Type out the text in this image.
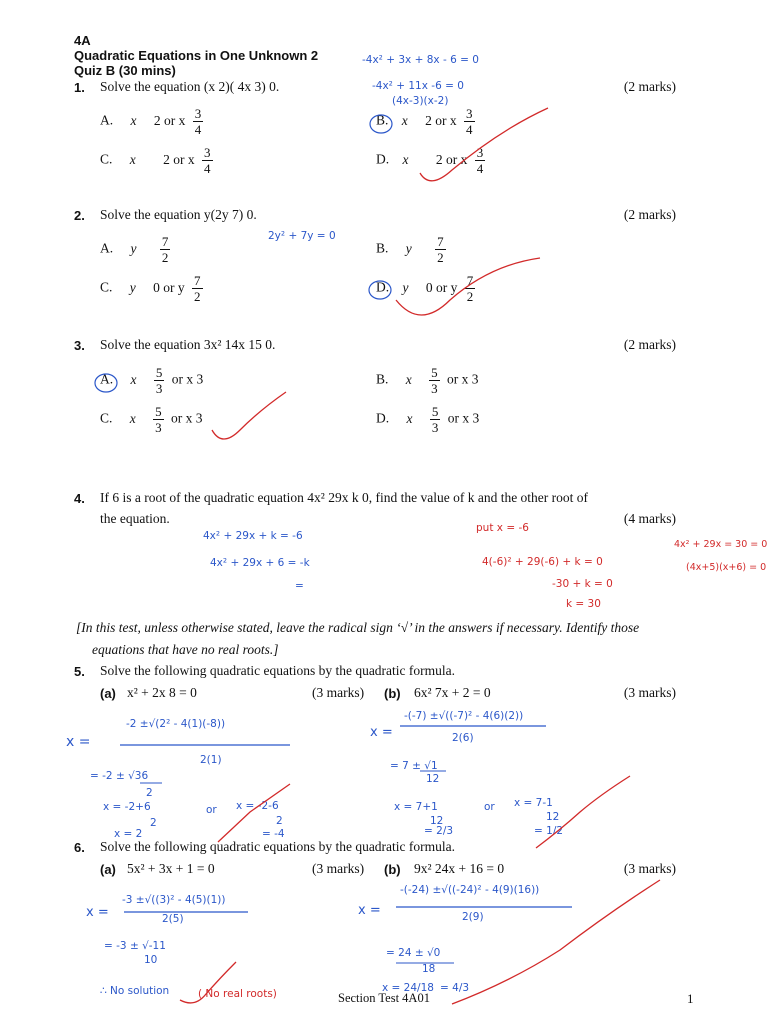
4A
Quadratic Equations in One Unknown 2
Quiz B (30 mins)
1. Solve the equation (x 2)( 4x 3) 0.	(2 marks)
A. x 2 or x $\frac{3}{4}$	B. x 2 or x $\frac{3}{4}$
C. x 2 or x $\frac{3}{4}$	D. x 2 or x $\frac{3}{4}$
-4x² + 3x + 8x - 6 = 0
-4x² + 11x -6 = 0
(4x-3)(x-2)
2. Solve the equation y(2y 7) 0.	(2 marks)
2y² + 7y = 0
A. y $\frac{7}{2}$	B. y $\frac{7}{2}$
C. y 0 or y $\frac{7}{2}$	D. y 0 or y $\frac{7}{2}$
3. Solve the equation 3x² 14x 15 0.	(2 marks)
A. x $\frac{5}{3}$ or x 3	B. x $\frac{5}{3}$ or x 3
C. x $\frac{5}{3}$ or x 3	D. x $\frac{5}{3}$ or x 3
4. If 6 is a root of the quadratic equation 4x² 29x k 0, find the value of k and the other root of
the equation.	(4 marks)
4x² + 29x + k = -6
4x² + 29x + 6 = -k
=
put x = -6
4(-6)² + 29(-6) + k = 0
-30 + k = 0
k = 30
4x² + 29x = 30 = 0
(4x+5)(x+6) = 0
[In this test, unless otherwise stated, leave the radical sign ‘√’ in the answers if necessary. Identify those
equations that have no real roots.]
5. Solve the following quadratic equations by the quadratic formula.
(a) x² + 2x 8 = 0	(3 marks) (b) 6x² 7x + 2 = 0	(3 marks)
x =
-2 ±√(2² - 4(1)(-8))
2(1)
= -2 ± √36
2
x = -2+6
2
or x = -2-6
2
x = 2	= -4
x =
-(-7) ±√((-7)² - 4(6)(2))
2(6)
= 7 ± √1
12
x = 7+1
12
or x = 7-1
12
= 2/3	= 1/2
6. Solve the following quadratic equations by the quadratic formula.
(a) 5x² + 3x + 1 = 0	(3 marks) (b) 9x² 24x + 16 = 0	(3 marks)
x =
-3 ±√((3)² - 4(5)(1))
2(5)
= -3 ± √-11
10
∴ No solution	( No real roots)
x =
-(-24) ±√((-24)² - 4(9)(16))
2(9)
= 24 ± √0
18
x = 24/18 = 4/3
Section Test 4A01	1
